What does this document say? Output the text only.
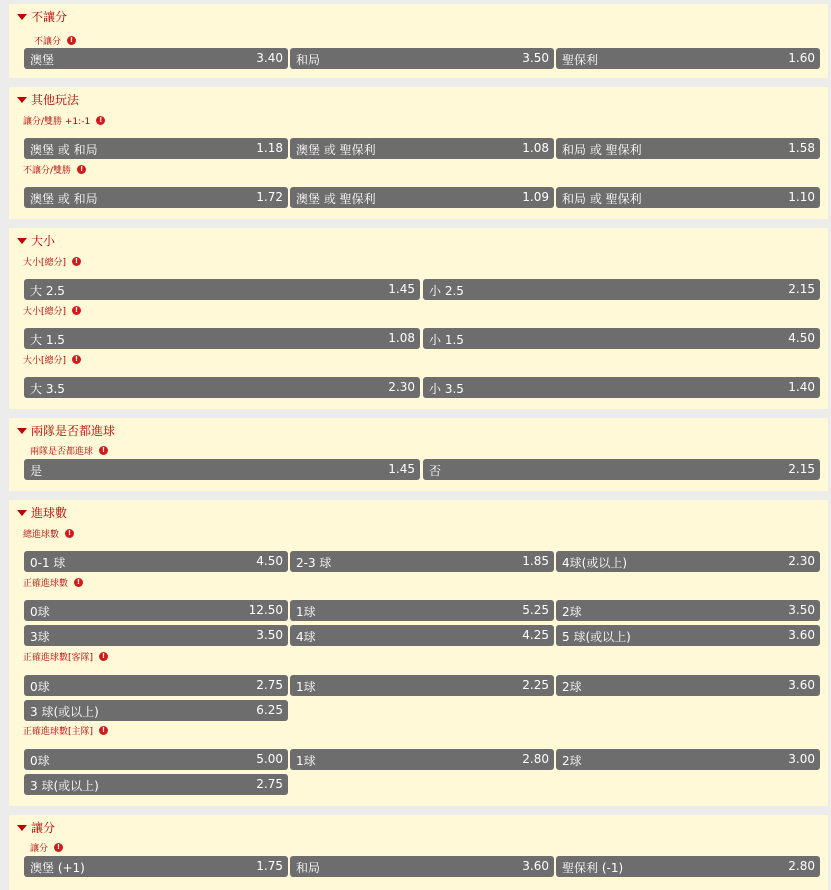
不讓分
不讓分	!
澳堡	3.40 和局	3.50 聖保利	1.60
其他玩法
讓分/雙勝 +1:-1	!
澳堡 或 和局	1.18 澳堡 或 聖保利	1.08 和局 或 聖保利	1.58
不讓分/雙勝	!
澳堡 或 和局	1.72 澳堡 或 聖保利	1.09 和局 或 聖保利	1.10
大小
大小[總分]	!
大 2.5	1.45 小 2.5	2.15
大小[總分]	!
大 1.5	1.08 小 1.5	4.50
大小[總分]	!
大 3.5	2.30 小 3.5	1.40
兩隊是否都進球
兩隊是否都進球	!
是	1.45 否	2.15
進球數
總進球數	!
0-1 球	4.50 2-3 球	1.85 4球(或以上)	2.30
正確進球數	!
0球	12.50 1球	5.25 2球	3.50
3球	3.50 4球	4.25 5 球(或以上)	3.60
正確進球數[客隊]	!
0球	2.75 1球	2.25 2球	3.60
3 球(或以上)	6.25
正確進球數[主隊]	!
0球	5.00 1球	2.80 2球	3.00
3 球(或以上)	2.75
讓分
讓分	!
澳堡 (+1)	1.75 和局	3.60 聖保利 (-1)	2.80
